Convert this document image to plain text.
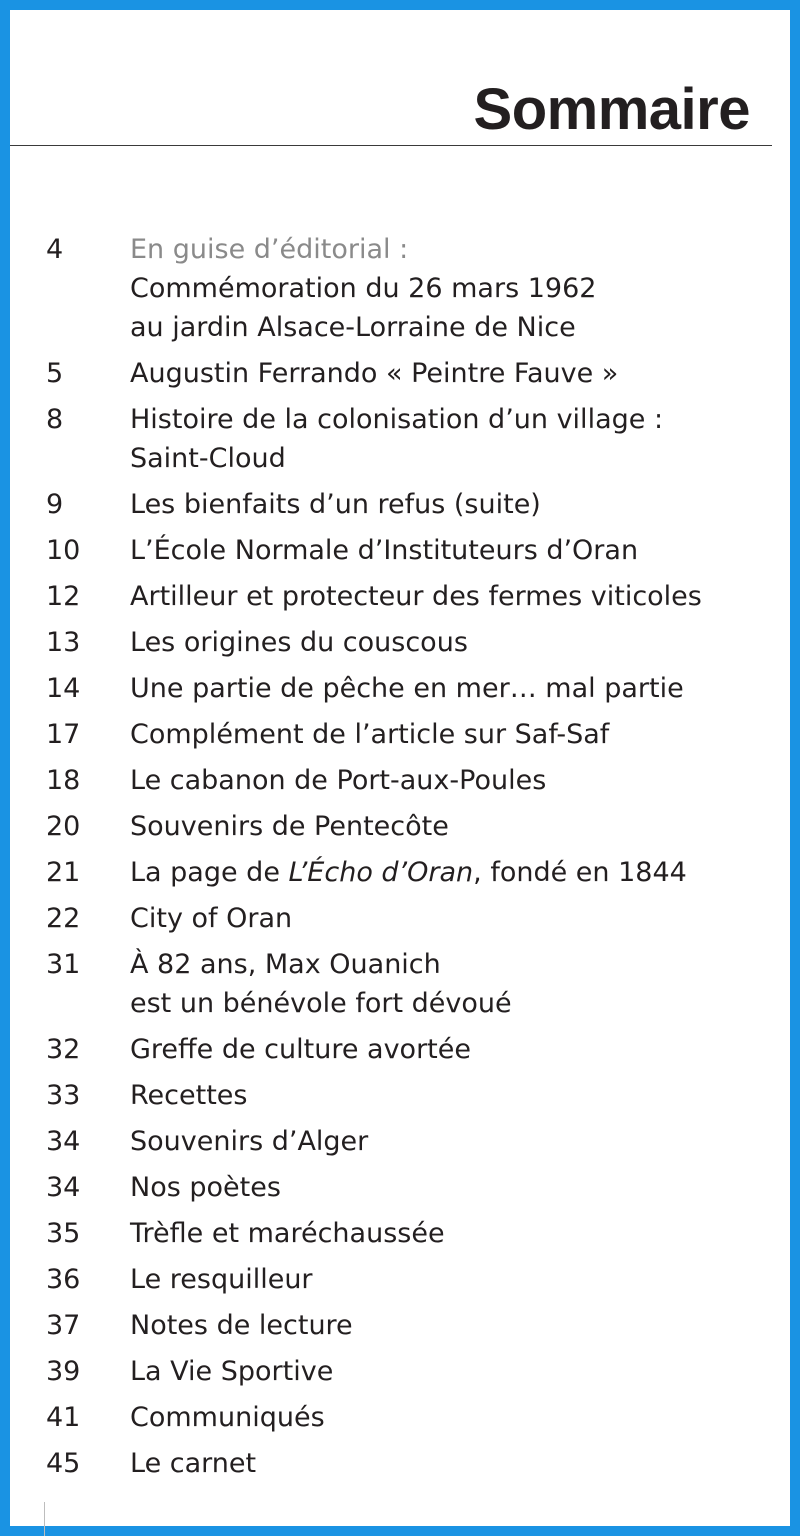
Sommaire
4	En guise d’éditorial :
Commémoration du 26 mars 1962
au jardin Alsace-Lorraine de Nice
5	Augustin Ferrando « Peintre Fauve »
8	Histoire de la colonisation d’un village :
Saint-Cloud
9	Les bienfaits d’un refus (suite)
10	L’École Normale d’Instituteurs d’Oran
12	Artilleur et protecteur des fermes viticoles
13	Les origines du couscous
14	Une partie de pêche en mer… mal partie
17	Complément de l’article sur Saf-Saf
18	Le cabanon de Port-aux-Poules
20	Souvenirs de Pentecôte
21	La page de L’Écho d’Oran, fondé en 1844
22	City of Oran
31	À 82 ans, Max Ouanich
est un bénévole fort dévoué
32	Greffe de culture avortée
33	Recettes
34	Souvenirs d’Alger
34	Nos poètes
35	Trèfle et maréchaussée
36	Le resquilleur
37	Notes de lecture
39	La Vie Sportive
41	Communiqués
45	Le carnet
